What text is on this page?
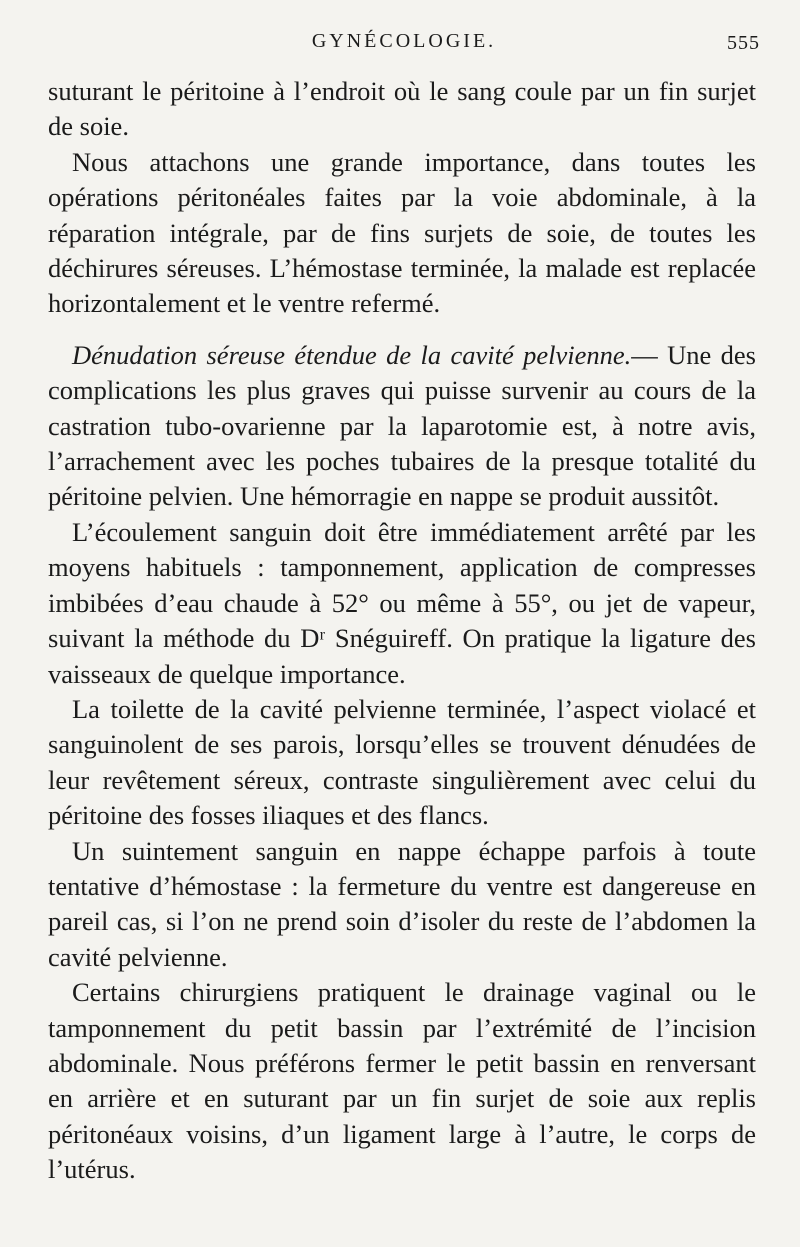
GYNÉCOLOGIE.	555

suturant le péritoine à l’endroit où le sang coule par un fin surjet de soie.

Nous attachons une grande importance, dans toutes les opérations péritonéales faites par la voie abdominale, à la réparation intégrale, par de fins surjets de soie, de toutes les déchirures séreuses. L’hémostase terminée, la malade est replacée horizontalement et le ventre refermé.

Dénudation séreuse étendue de la cavité pelvienne.— Une des complications les plus graves qui puisse survenir au cours de la castration tubo-ovarienne par la laparotomie est, à notre avis, l’arrachement avec les poches tubaires de la presque totalité du péritoine pelvien. Une hémorragie en nappe se produit aussitôt.

L’écoulement sanguin doit être immédiatement arrêté par les moyens habituels : tamponnement, application de compresses imbibées d’eau chaude à 52° ou même à 55°, ou jet de vapeur, suivant la méthode du Dʳ Snéguireff. On pratique la ligature des vaisseaux de quelque importance.

La toilette de la cavité pelvienne terminée, l’aspect violacé et sanguinolent de ses parois, lorsqu’elles se trouvent dénudées de leur revêtement séreux, contraste singulièrement avec celui du péritoine des fosses iliaques et des flancs.

Un suintement sanguin en nappe échappe parfois à toute tentative d’hémostase : la fermeture du ventre est dangereuse en pareil cas, si l’on ne prend soin d’isoler du reste de l’abdomen la cavité pelvienne.

Certains chirurgiens pratiquent le drainage vaginal ou le tamponnement du petit bassin par l’extrémité de l’incision abdominale. Nous préférons fermer le petit bassin en renversant en arrière et en suturant par un fin surjet de soie aux replis péritonéaux voisins, d’un ligament large à l’autre, le corps de l’utérus.
